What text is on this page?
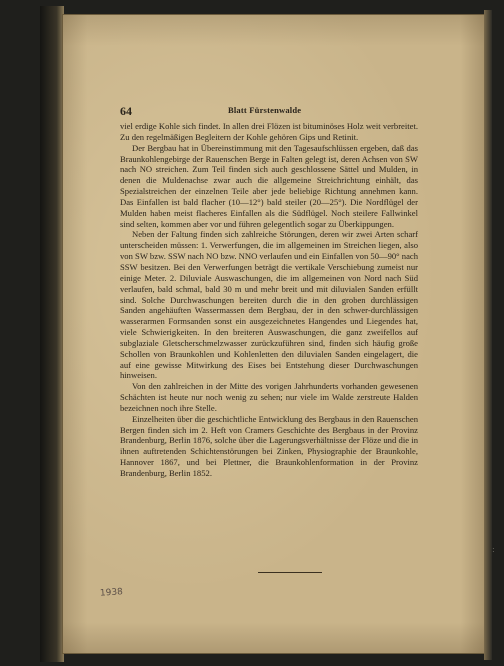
64	Blatt Fürstenwalde

viel erdige Kohle sich findet. In allen drei Flözen ist bituminöses Holz weit verbreitet. Zu den regelmäßigen Begleitern der Kohle gehören Gips und Retinit.

Der Bergbau hat in Übereinstimmung mit den Tagesaufschlüssen ergeben, daß das Braunkohlengebirge der Rauenschen Berge in Falten gelegt ist, deren Achsen von SW nach NO streichen. Zum Teil finden sich auch geschlossene Sättel und Mulden, in denen die Muldenachse zwar auch die allgemeine Streichrichtung einhält, das Spezialstreichen der einzelnen Teile aber jede beliebige Richtung annehmen kann. Das Einfallen ist bald flacher (10—12°) bald steiler (20—25°). Die Nordflügel der Mulden haben meist flacheres Einfallen als die Südflügel. Noch steilere Fallwinkel sind selten, kommen aber vor und führen gelegentlich sogar zu Überkippungen.

Neben der Faltung finden sich zahlreiche Störungen, deren wir zwei Arten scharf unterscheiden müssen: 1. Verwerfungen, die im allgemeinen im Streichen liegen, also von SW bzw. SSW nach NO bzw. NNO verlaufen und ein Einfallen von 50—90° nach SSW besitzen. Bei den Verwerfungen beträgt die vertikale Verschiebung zumeist nur einige Meter. 2. Diluviale Auswaschungen, die im allgemeinen von Nord nach Süd verlaufen, bald schmal, bald 30 m und mehr breit und mit diluvialen Sanden erfüllt sind. Solche Durchwaschungen bereiten durch die in den groben durchlässigen Sanden angehäuften Wassermassen dem Bergbau, der in den schwer-durchlässigen wasserarmen Formsanden sonst ein ausgezeichnetes Hangendes und Liegendes hat, viele Schwierigkeiten. In den breiteren Auswaschungen, die ganz zweifellos auf subglaziale Gletscherschmelzwasser zurückzuführen sind, finden sich häufig große Schollen von Braunkohlen und Kohlenletten den diluvialen Sanden eingelagert, die auf eine gewisse Mitwirkung des Eises bei Entstehung dieser Durchwaschungen hinweisen.

Von den zahlreichen in der Mitte des vorigen Jahrhunderts vorhanden gewesenen Schächten ist heute nur noch wenig zu sehen; nur viele im Walde zerstreute Halden bezeichnen noch ihre Stelle.

Einzelheiten über die geschichtliche Entwicklung des Bergbaus in den Rauenschen Bergen finden sich im 2. Heft von Cramers Geschichte des Bergbaus in der Provinz Brandenburg, Berlin 1876, solche über die Lagerungsverhältnisse der Flöze und die in ihnen auftretenden Schichtenstörungen bei Zinken, Physiographie der Braunkohle, Hannover 1867, und bei Plettner, die Braunkohlenformation in der Provinz Brandenburg, Berlin 1852.

1938
:
